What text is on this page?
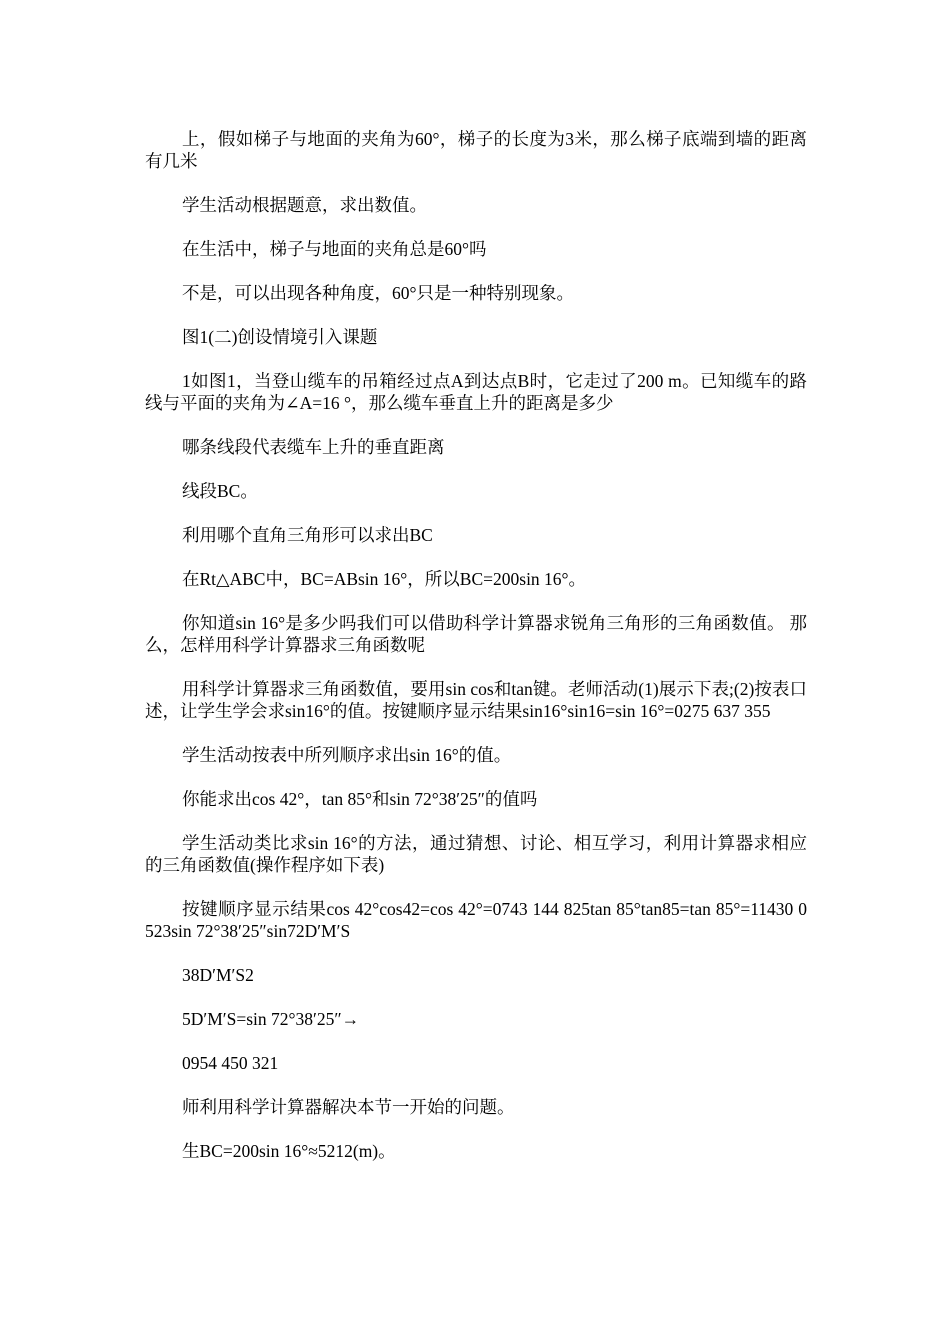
上，假如梯子与地面的夹角为60°，梯子的长度为3米，那么梯子底端到墙的距离有几米

学生活动根据题意，求出数值。

在生活中，梯子与地面的夹角总是60°吗

不是，可以出现各种角度，60°只是一种特别现象。

图1(二)创设情境引入课题

1如图1，当登山缆车的吊箱经过点A到达点B时，它走过了200 m。已知缆车的路线与平面的夹角为∠A=16 °，那么缆车垂直上升的距离是多少

哪条线段代表缆车上升的垂直距离

线段BC。

利用哪个直角三角形可以求出BC

在Rt△ABC中，BC=ABsin 16°，所以BC=200sin 16°。

你知道sin 16°是多少吗我们可以借助科学计算器求锐角三角形的三角函数值。 那么，怎样用科学计算器求三角函数呢

用科学计算器求三角函数值，要用sin cos和tan键。老师活动(1)展示下表;(2)按表口述，让学生学会求sin16°的值。按键顺序显示结果sin16°sin16=sin 16°=0275 637 355

学生活动按表中所列顺序求出sin 16°的值。

你能求出cos 42°，tan 85°和sin 72°38′25″的值吗

学生活动类比求sin 16°的方法，通过猜想、讨论、相互学习，利用计算器求相应的三角函数值(操作程序如下表)

按键顺序显示结果cos 42°cos42=cos 42°=0743 144 825tan 85°tan85=tan 85°=11430 0523sin 72°38′25″sin72D′M′S

38D′M′S2

5D′M′S=sin 72°38′25″→

0954 450 321

师利用科学计算器解决本节一开始的问题。

生BC=200sin 16°≈5212(m)。
